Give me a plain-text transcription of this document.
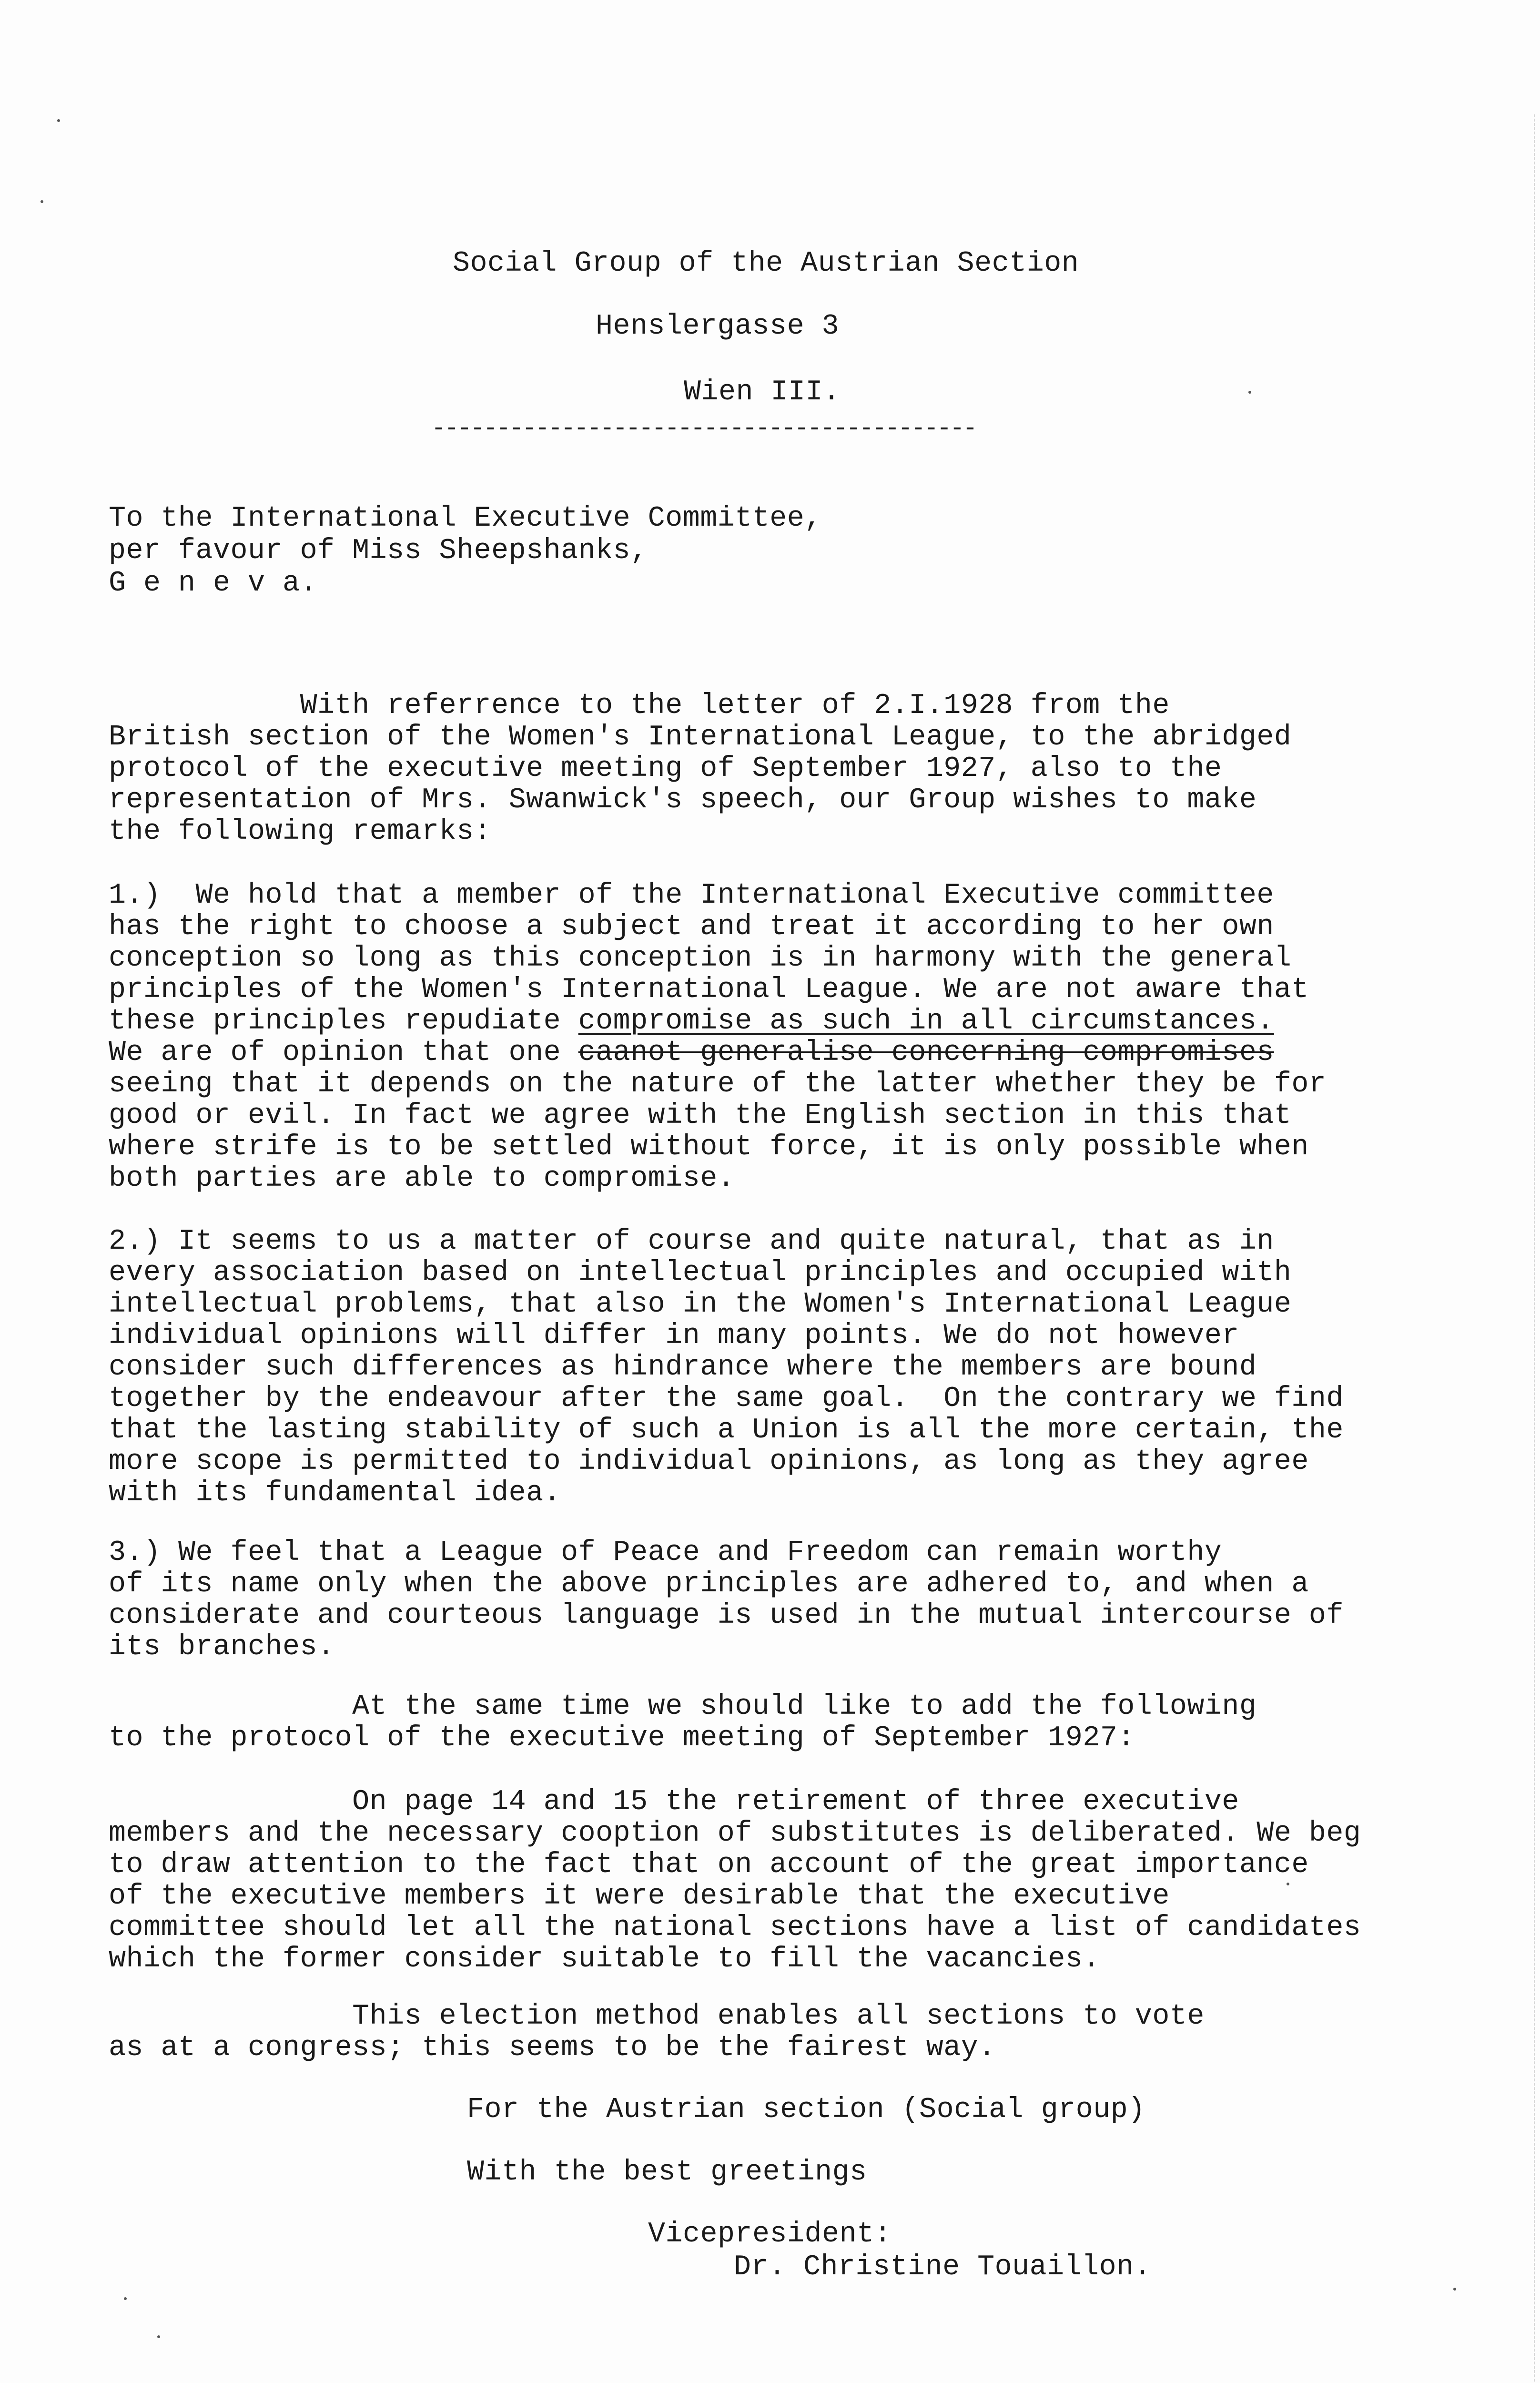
Social Group of the Austrian Section
Henslergasse 3
Wien III.
------------------------------------------
To the International Executive Committee,
per favour of Miss Sheepshanks,
G e n e v a.
With referrence to the letter of 2.I.1928 from the
British section of the Women's International League, to the abridged
protocol of the executive meeting of September 1927, also to the
representation of Mrs. Swanwick's speech, our Group wishes to make
the following remarks:
1.)  We hold that a member of the International Executive committee
has the right to choose a subject and treat it according to her own
conception so long as this conception is in harmony with the general
principles of the Women's International League. We are not aware that
these principles repudiate compromise as such in all circumstances.
We are of opinion that one caanot generalise concerning compromises
seeing that it depends on the nature of the latter whether they be for
good or evil. In fact we agree with the English section in this that
where strife is to be settled without force, it is only possible when
both parties are able to compromise.
2.) It seems to us a matter of course and quite natural, that as in
every association based on intellectual principles and occupied with
intellectual problems, that also in the Women's International League
individual opinions will differ in many points. We do not however
consider such differences as hindrance where the members are bound
together by the endeavour after the same goal.  On the contrary we find
that the lasting stability of such a Union is all the more certain, the
more scope is permitted to individual opinions, as long as they agree
with its fundamental idea.
3.) We feel that a League of Peace and Freedom can remain worthy
of its name only when the above principles are adhered to, and when a
considerate and courteous language is used in the mutual intercourse of
its branches.
At the same time we should like to add the following
to the protocol of the executive meeting of September 1927:
On page 14 and 15 the retirement of three executive
members and the necessary cooption of substitutes is deliberated. We beg
to draw attention to the fact that on account of the great importance
of the executive members it were desirable that the executive
committee should let all the national sections have a list of candidates
which the former consider suitable to fill the vacancies.
This election method enables all sections to vote
as at a congress; this seems to be the fairest way.
For the Austrian section (Social group)
With the best greetings
Vicepresident:
Dr. Christine Touaillon.
